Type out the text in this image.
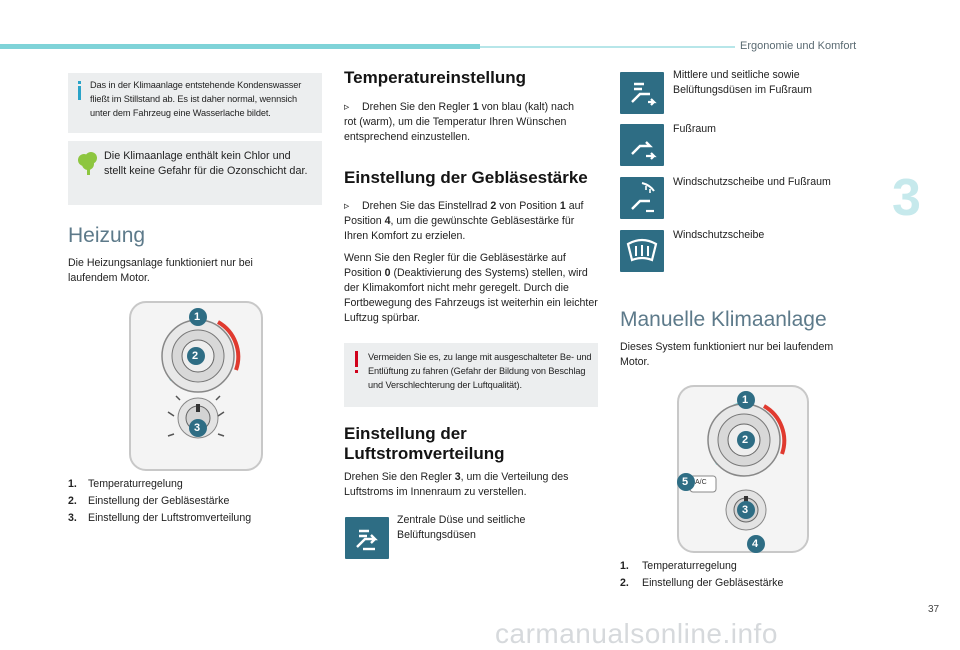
Ergonomie und Komfort
3
Das in der Klimaanlage entstehende Kondenswasser fließt im Stillstand ab. Es ist daher normal, wennsich unter dem Fahrzeug eine Wasserlache bildet.
Die Klimaanlage enthält kein Chlor und stellt keine Gefahr für die Ozonschicht dar.
Heizung
Die Heizungsanlage funktioniert nur bei laufendem Motor.
1
2
3
1. Temperaturregelung
2. Einstellung der Gebläsestärke
3. Einstellung der Luftstromverteilung
Temperatureinstellung
▹ Drehen Sie den Regler 1 von blau (kalt) nach rot (warm), um die Temperatur Ihren Wünschen entsprechend einzustellen.
Einstellung der Gebläsestärke
▹ Drehen Sie das Einstellrad 2 von Position 1 auf Position 4, um die gewünschte Gebläsestärke für Ihren Komfort zu erzielen.
Wenn Sie den Regler für die Gebläsestärke auf Position 0 (Deaktivierung des Systems) stellen, wird der Klimakomfort nicht mehr geregelt. Durch die Fortbewegung des Fahrzeugs ist weiterhin ein leichter Luftzug spürbar.
Vermeiden Sie es, zu lange mit ausgeschalteter Be- und Entlüftung zu fahren (Gefahr der Bildung von Beschlag und Verschlechterung der Luftqualität).
Einstellung der
Luftstromverteilung
Drehen Sie den Regler 3, um die Verteilung des Luftstroms im Innenraum zu verstellen.
Zentrale Düse und seitliche Belüftungsdüsen
Mittlere und seitliche sowie Belüftungsdüsen im Fußraum
Fußraum
Windschutzscheibe und Fußraum
Windschutzscheibe
Manuelle Klimaanlage
Dieses System funktioniert nur bei laufendem Motor.
1
2
3
4
5 A/C
1. Temperaturregelung
2. Einstellung der Gebläsestärke
37
carmanualsonline.info
